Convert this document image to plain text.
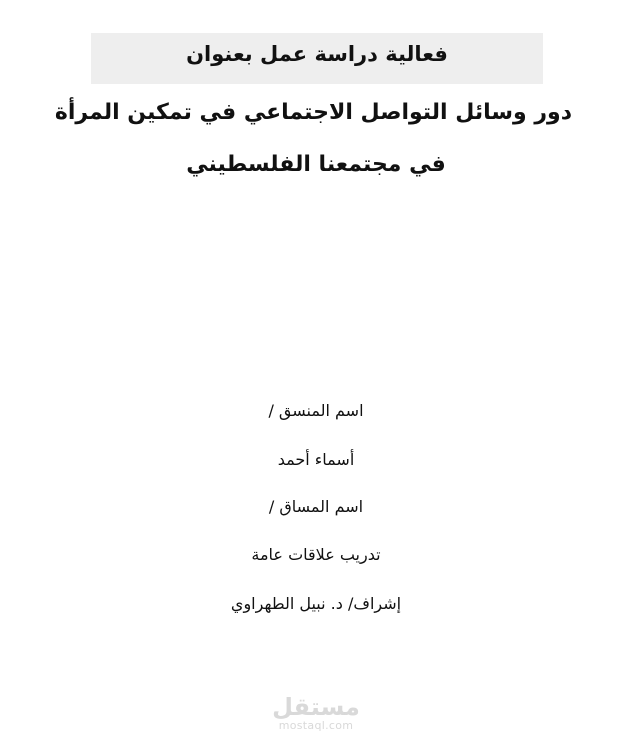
فعالية دراسة عمل بعنوان
دور وسائل التواصل الاجتماعي في تمكين المرأة
في مجتمعنا الفلسطيني
اسم المنسق /
أسماء أحمد
اسم المساق /
تدريب علاقات عامة
إشراف/ د. نبيل الطهراوي
مستقل
mostaql.com
